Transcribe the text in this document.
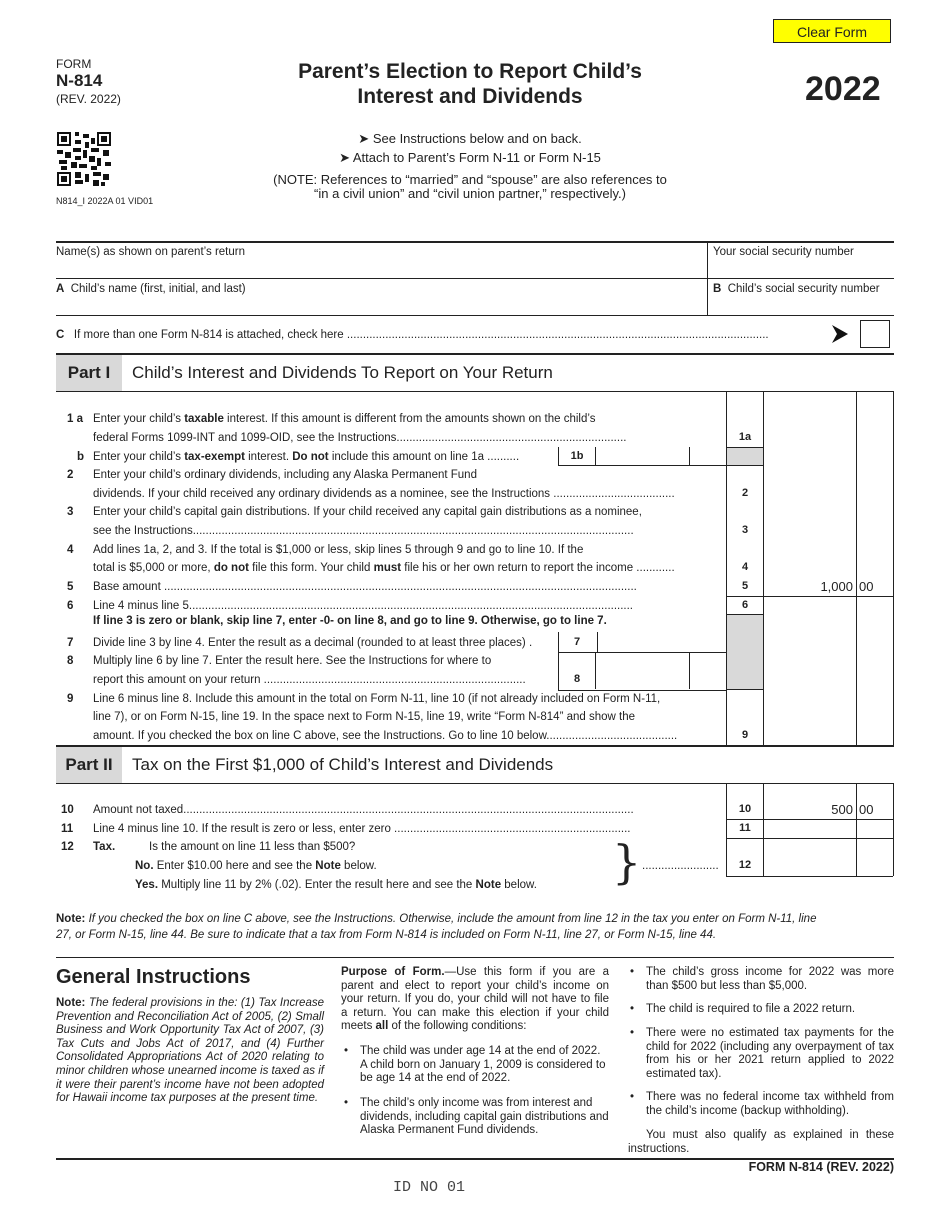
Clear Form
FORM
N-814
(REV. 2022)
Parent’s Election to Report Child’s
Interest and Dividends	2022
N814_I 2022A 01 VID01
➤ See Instructions below and on back.
➤ Attach to Parent’s Form N-11 or Form N-15
(NOTE: References to “married” and “spouse” are also references to
“in a civil union” and “civil union partner,” respectively.)
Name(s) as shown on parent’s return	Your social security number
A Child’s name (first, initial, and last)	B Child’s social security number
C If more than one Form N-814 is attached, check here ....................................................................................................................................
Part I	Child’s Interest and Dividends To Report on Your Return
1 a Enter your child’s taxable interest. If this amount is different from the amounts shown on the child’s
federal Forms 1099-INT and 1099-OID, see the Instructions........................................................................	1a
b Enter your child’s tax-exempt interest. Do not include this amount on line 1a ..........	1b
2 Enter your child’s ordinary dividends, including any Alaska Permanent Fund
dividends. If your child received any ordinary dividends as a nominee, see the Instructions ......................................	2
3 Enter your child’s capital gain distributions. If your child received any capital gain distributions as a nominee,
see the Instructions..........................................................................................................................................	3
4 Add lines 1a, 2, and 3. If the total is $1,000 or less, skip lines 5 through 9 and go to line 10. If the
total is $5,000 or more, do not file this form. Your child must file his or her own return to report the income ............	4
5 Base amount ....................................................................................................................................................	5	1,000 00
6 Line 4 minus line 5...........................................................................................................................................	6
If line 3 is zero or blank, skip line 7, enter -0- on line 8, and go to line 9. Otherwise, go to line 7.
7 Divide line 3 by line 4. Enter the result as a decimal (rounded to at least three places) .	7
8 Multiply line 6 by line 7. Enter the result here. See the Instructions for where to
report this amount on your return ..................................................................................	8
9 Line 6 minus line 8. Include this amount in the total on Form N-11, line 10 (if not already included on Form N-11,
line 7), or on Form N-15, line 19. In the space next to Form N-15, line 19, write “Form N-814” and show the
amount. If you checked the box on line C above, see the Instructions. Go to line 10 below.........................................	9
Part II	Tax on the First $1,000 of Child’s Interest and Dividends
10 Amount not taxed.............................................................................................................................................	10	500 00
11 Line 4 minus line 10. If the result is zero or less, enter zero ..........................................................................	11
12 Tax.	Is the amount on line 11 less than $500?
No. Enter $10.00 here and see the Note below.
Yes. Multiply line 11 by 2% (.02). Enter the result here and see the Note below. } ........................	12
Note: If you checked the box on line C above, see the Instructions. Otherwise, include the amount from line 12 in the tax you enter on Form N-11, line
27, or Form N-15, line 44. Be sure to indicate that a tax from Form N-814 is included on Form N-11, line 27, or Form N-15, line 44.
General Instructions
Note: The federal provisions in the: (1) Tax Increase Prevention and Reconciliation Act of 2005, (2) Small Business and Work Opportunity Tax Act of 2007, (3) Tax Cuts and Jobs Act of 2017, and (4) Further Consolidated Appropriations Act of 2020 relating to minor children whose unearned income is taxed as if it were their parent’s income have not been adopted for Hawaii income tax purposes at the present time.
Purpose of Form.—Use this form if you are a parent and elect to report your child’s income on your return. If you do, your child will not have to file a return. You can make this election if your child meets all of the following conditions:
• The child was under age 14 at the end of 2022. A child born on January 1, 2009 is considered to be age 14 at the end of 2022.
• The child’s only income was from interest and dividends, including capital gain distributions and Alaska Permanent Fund dividends.
• The child’s gross income for 2022 was more than $500 but less than $5,000.
• The child is required to file a 2022 return.
• There were no estimated tax payments for the child for 2022 (including any overpayment of tax from his or her 2021 return applied to 2022 estimated tax).
• There was no federal income tax withheld from the child’s income (backup withholding).
You must also qualify as explained in these instructions.
FORM N-814 (REV. 2022)
ID NO 01
